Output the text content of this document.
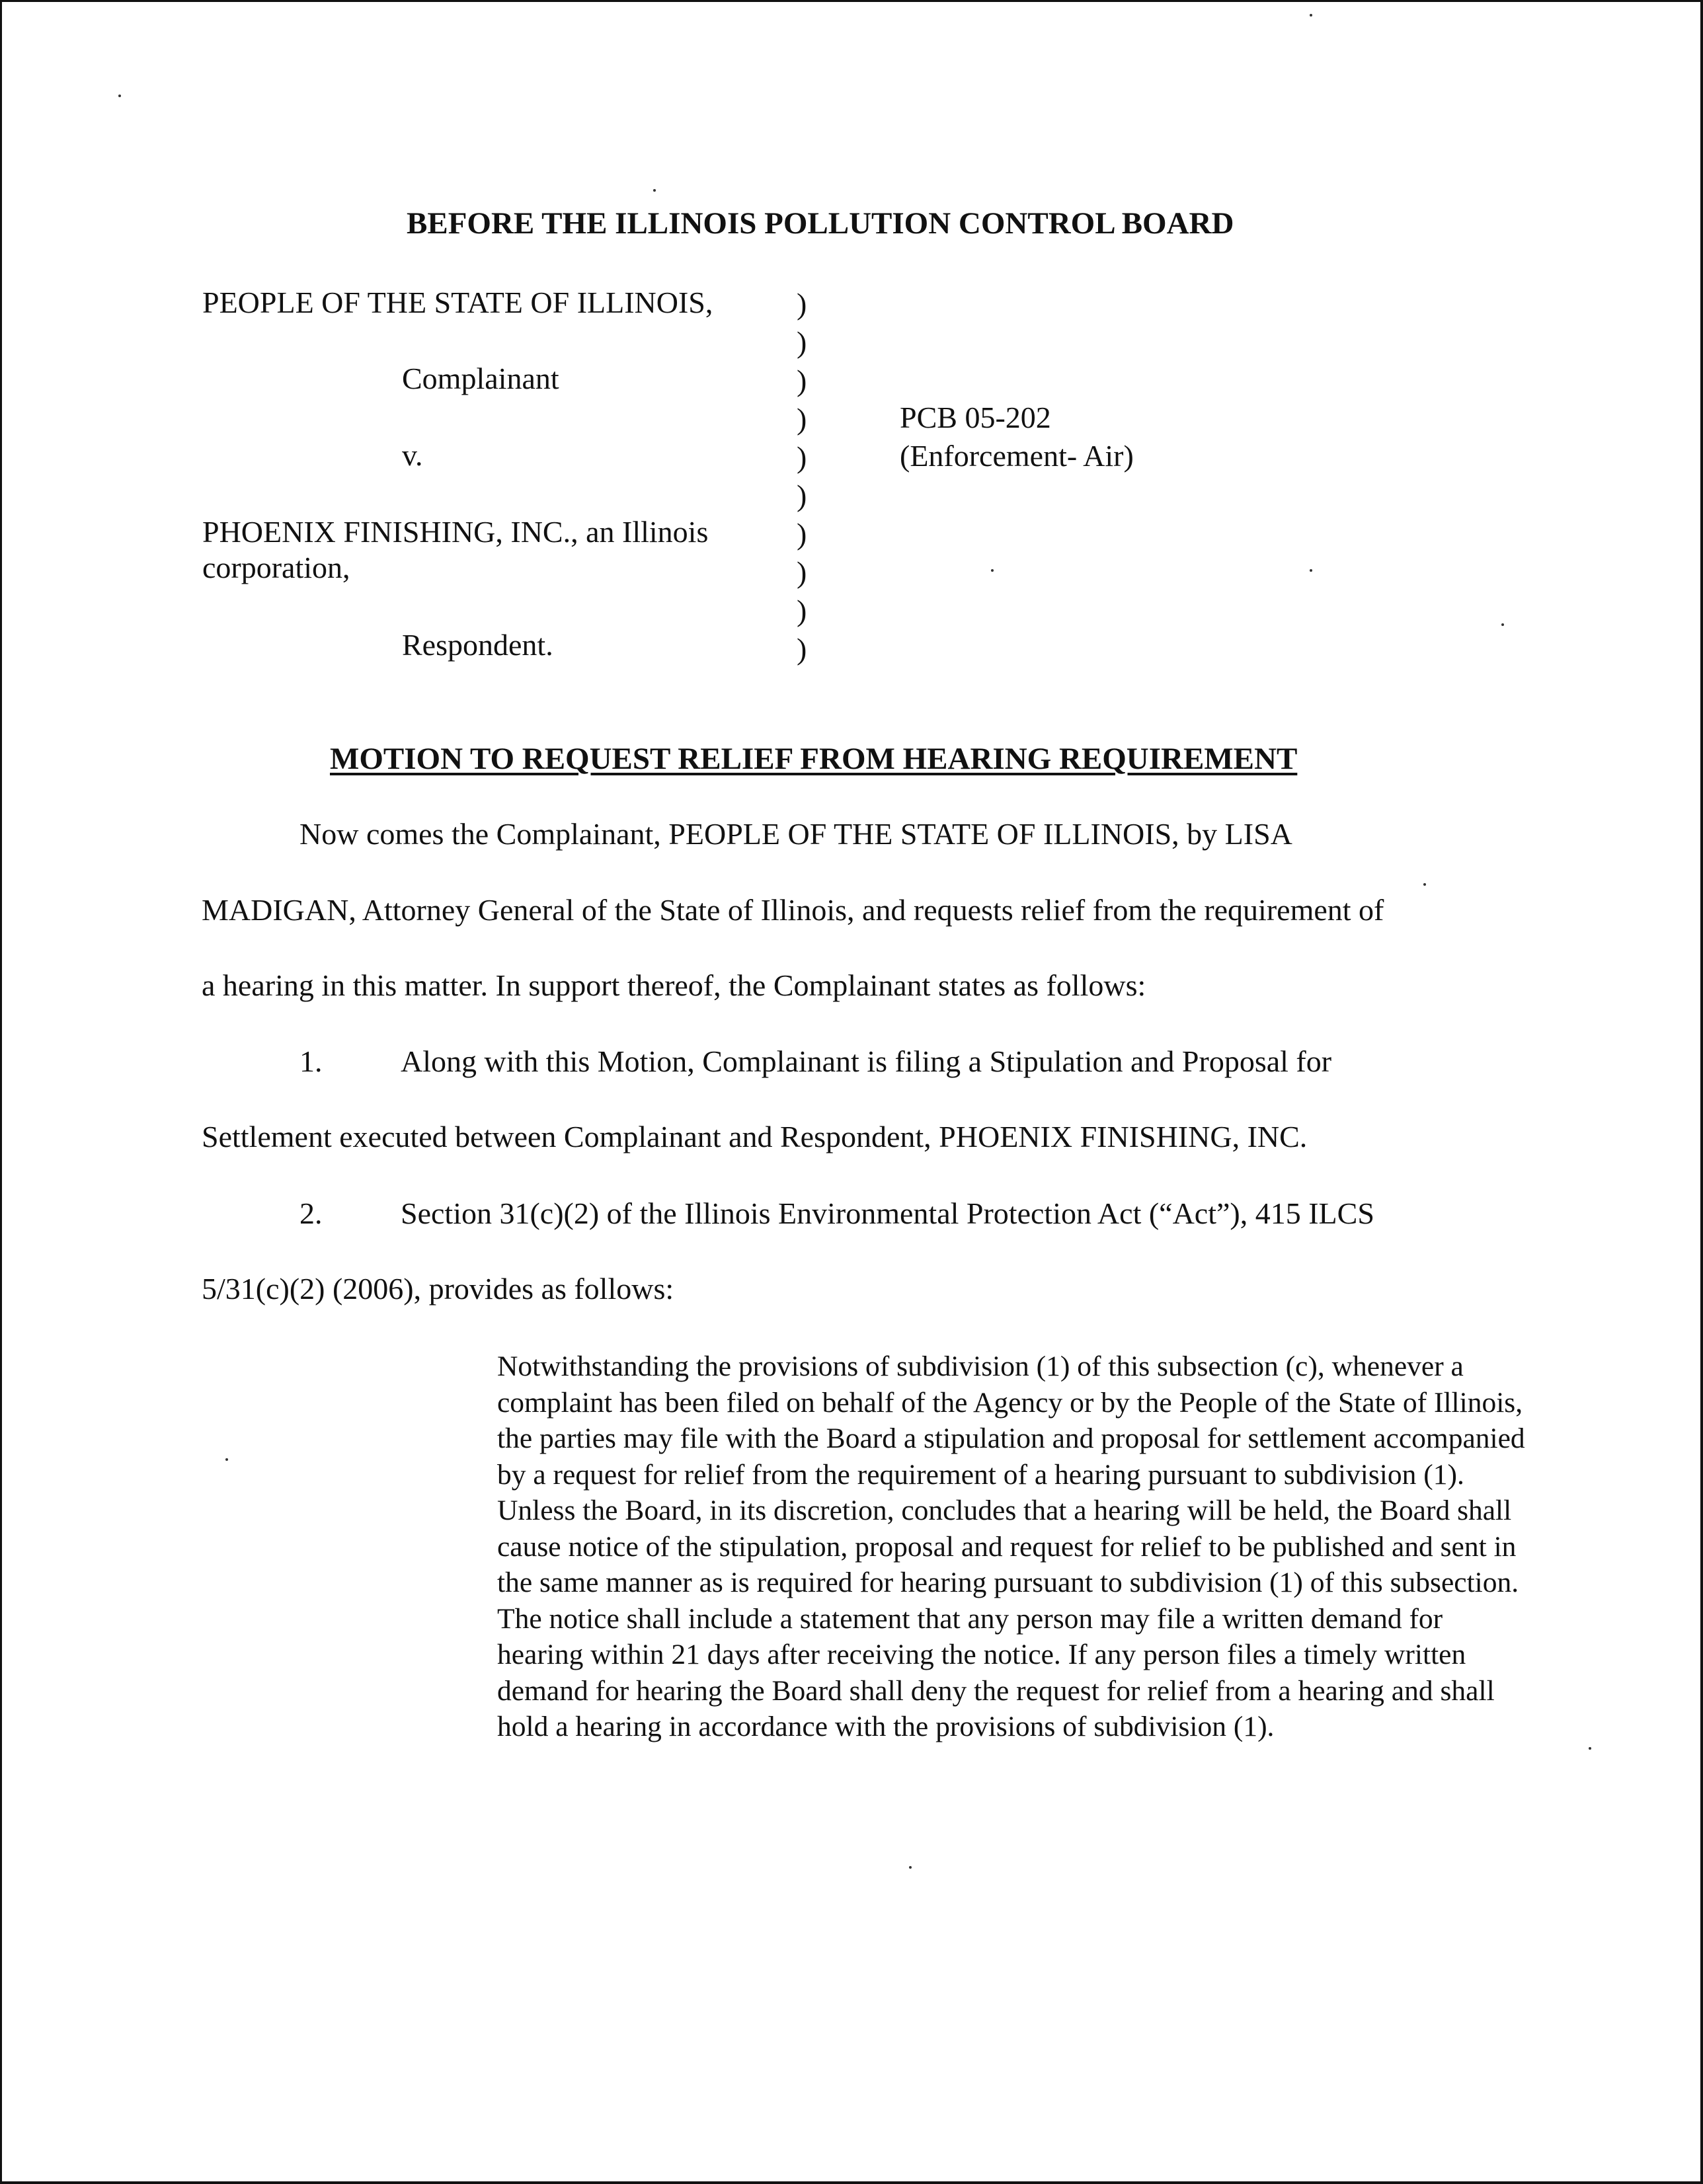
BEFORE THE ILLINOIS POLLUTION CONTROL BOARD
PEOPLE OF THE STATE OF ILLINOIS,
Complainant
v.
PHOENIX FINISHING, INC., an Illinois
corporation,
Respondent.
)
)
)
)
)
)
)
)
)
)
PCB 05-202
(Enforcement- Air)
MOTION TO REQUEST RELIEF FROM HEARING REQUIREMENT
Now comes the Complainant, PEOPLE OF THE STATE OF ILLINOIS, by LISA
MADIGAN, Attorney General of the State of Illinois, and requests relief from the requirement of
a hearing in this matter. In support thereof, the Complainant states as follows:
1.	Along with this Motion, Complainant is filing a Stipulation and Proposal for
Settlement executed between Complainant and Respondent, PHOENIX FINISHING, INC.
2.	Section 31(c)(2) of the Illinois Environmental Protection Act (“Act”), 415 ILCS
5/31(c)(2) (2006), provides as follows:
Notwithstanding the provisions of subdivision (1) of this subsection (c), whenever a complaint has been filed on behalf of the Agency or by the People of the State of Illinois, the parties may file with the Board a stipulation and proposal for settlement accompanied by a request for relief from the requirement of a hearing pursuant to subdivision (1). Unless the Board, in its discretion, concludes that a hearing will be held, the Board shall cause notice of the stipulation, proposal and request for relief to be published and sent in the same manner as is required for hearing pursuant to subdivision (1) of this subsection. The notice shall include a statement that any person may file a written demand for hearing within 21 days after receiving the notice. If any person files a timely written demand for hearing the Board shall deny the request for relief from a hearing and shall hold a hearing in accordance with the provisions of subdivision (1).
